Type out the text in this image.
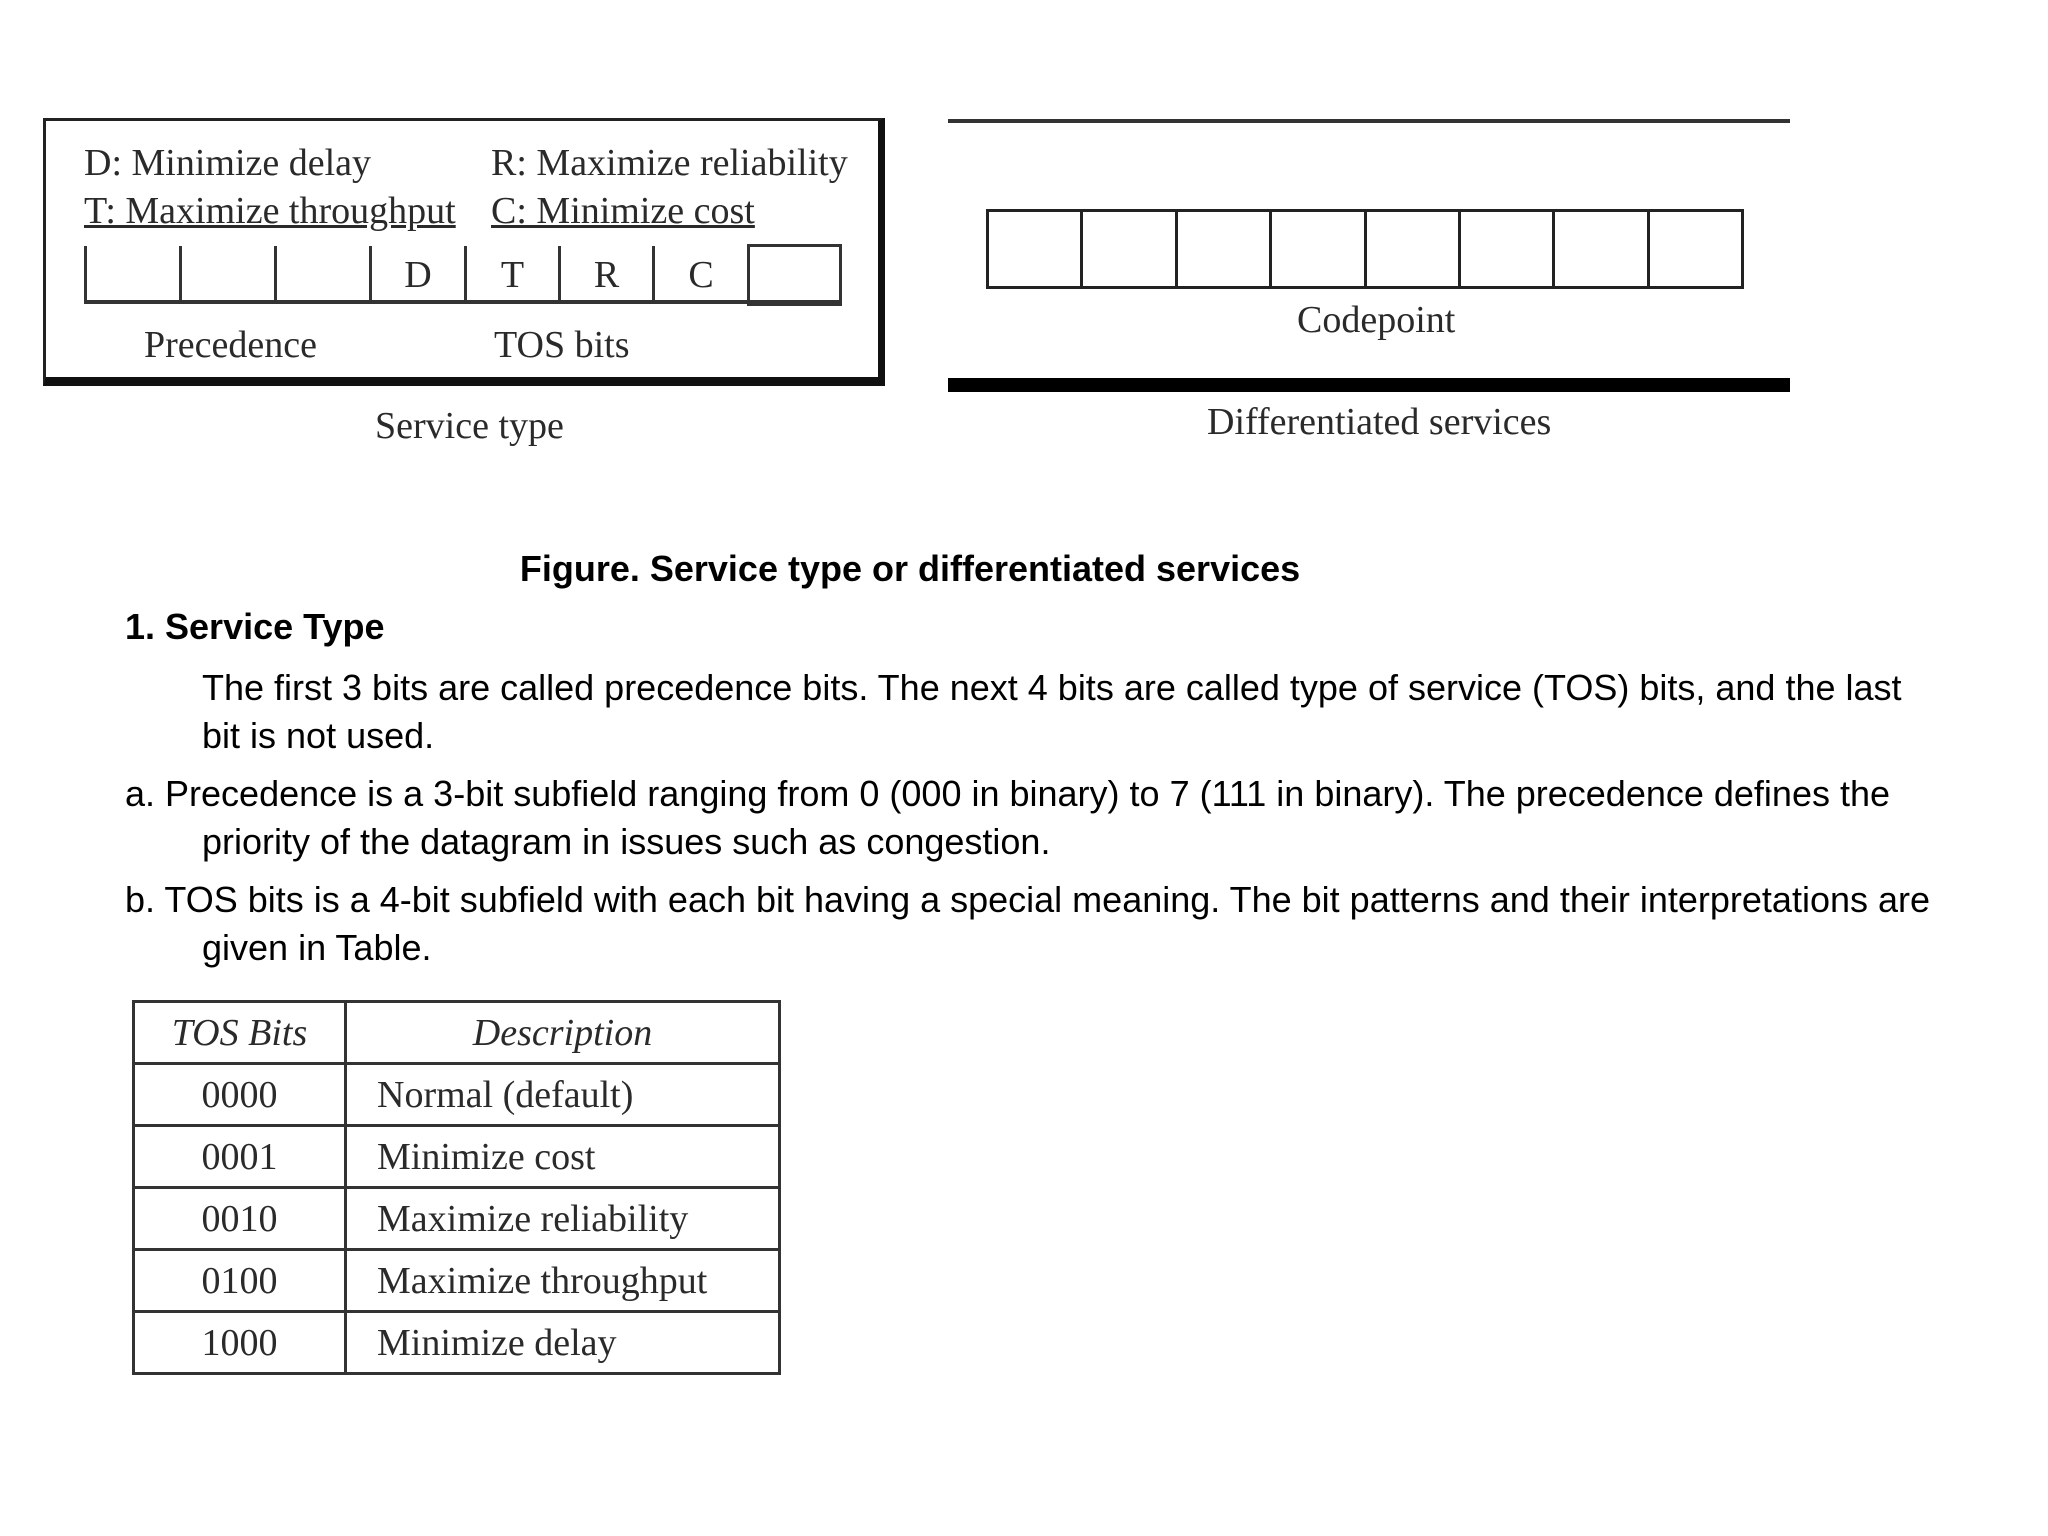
D: Minimize delay	R: Maximize reliability
T: Maximize throughput C: Minimize cost
D	T	R	C
Precedence	TOS bits
Service type
Codepoint
Differentiated services
Figure. Service type or differentiated services
1. Service Type
The first 3 bits are called precedence bits. The next 4 bits are called type of service (TOS) bits, and the last bit is not used.
a. Precedence is a 3-bit subfield ranging from 0 (000 in binary) to 7 (111 in binary). The precedence defines the priority of the datagram in issues such as congestion.
b. TOS bits is a 4-bit subfield with each bit having a special meaning. The bit patterns and their interpretations are given in Table.
TOS Bits	Description
0000	Normal (default)
0001	Minimize cost
0010	Maximize reliability
0100	Maximize throughput
1000	Minimize delay
